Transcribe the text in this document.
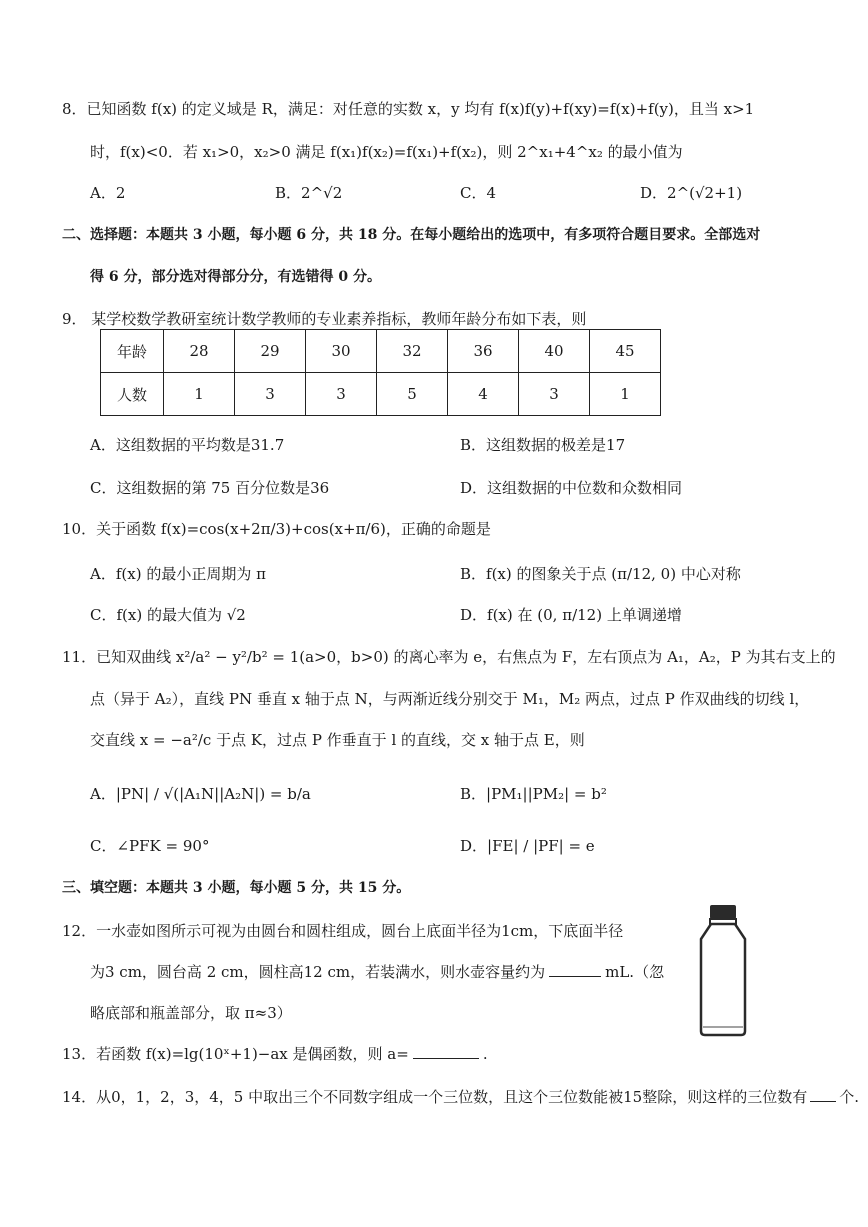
8．已知函数 f(x) 的定义域是 R，满足：对任意的实数 x，y 均有 f(x)f(y)+f(xy)=f(x)+f(y)，且当 x>1
时，f(x)<0．若 x₁>0，x₂>0 满足 f(x₁)f(x₂)=f(x₁)+f(x₂)，则 2^x₁+4^x₂ 的最小值为
A．2	B．2^√2	C．4	D．2^(√2+1)
二、选择题：本题共 3 小题，每小题 6 分，共 18 分。在每小题给出的选项中，有多项符合题目要求。全部选对
得 6 分，部分选对得部分分，有选错得 0 分。
9． 某学校数学教研室统计数学教师的专业素养指标，教师年龄分布如下表，则
年龄	28	29	30	32	36	40	45
人数	1	3	3	5	4	3	1
A．这组数据的平均数是31.7	B．这组数据的极差是17
C．这组数据的第 75 百分位数是36	D．这组数据的中位数和众数相同
10．关于函数 f(x)=cos(x+2π/3)+cos(x+π/6)，正确的命题是
A．f(x) 的最小正周期为 π	B．f(x) 的图象关于点 (π/12, 0) 中心对称
C．f(x) 的最大值为 √2	D．f(x) 在 (0, π/12) 上单调递增
11．已知双曲线 x²/a² − y²/b² = 1(a>0，b>0) 的离心率为 e，右焦点为 F，左右顶点为 A₁，A₂，P 为其右支上的
点（异于 A₂），直线 PN 垂直 x 轴于点 N，与两渐近线分别交于 M₁，M₂ 两点，过点 P 作双曲线的切线 l，
交直线 x = −a²/c 于点 K，过点 P 作垂直于 l 的直线，交 x 轴于点 E，则
A．|PN| / √(|A₁N||A₂N|) = b/a	B．|PM₁||PM₂| = b²
C．∠PFK = 90°	D．|FE| / |PF| = e
三、填空题：本题共 3 小题，每小题 5 分，共 15 分。
12．一水壶如图所示可视为由圆台和圆柱组成，圆台上底面半径为1cm，下底面半径
为3 cm，圆台高 2 cm，圆柱高12 cm，若装满水，则水壶容量约为	mL.（忽
略底部和瓶盖部分，取 π≈3）
13．若函数 f(x)=lg(10ˣ+1)−ax 是偶函数，则 a=	.
14．从0，1，2，3，4，5 中取出三个不同数字组成一个三位数，且这个三位数能被15整除，则这样的三位数有 个.
